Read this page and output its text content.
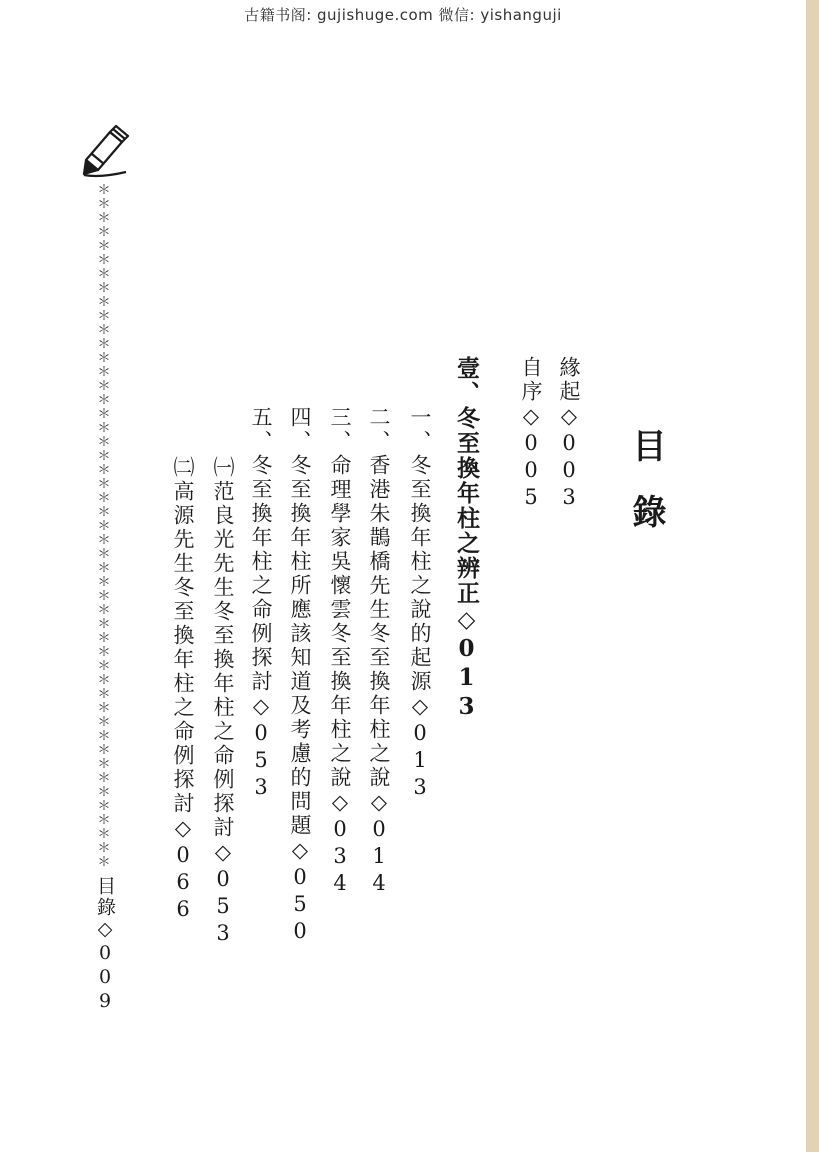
古籍书阁: gujishuge.com 微信: yishanguji
目錄
緣起◇003
自序◇005
壹、冬至換年柱之辨正◇013
一、冬至換年柱之說的起源◇013
二、香港朱鵲橋先生冬至換年柱之說◇014
三、命理學家吳懷雲冬至換年柱之說◇034
四、冬至換年柱所應該知道及考慮的問題◇050
五、冬至換年柱之命例探討◇053
㈠范良光先生冬至換年柱之命例探討◇053
㈡高源先生冬至換年柱之命例探討◇066
＊＊＊＊＊＊＊＊＊＊＊＊＊＊＊＊＊＊＊＊＊＊＊＊＊＊＊＊＊＊＊＊＊＊＊＊＊＊＊＊＊＊＊＊＊＊＊＊＊
目錄◇009
